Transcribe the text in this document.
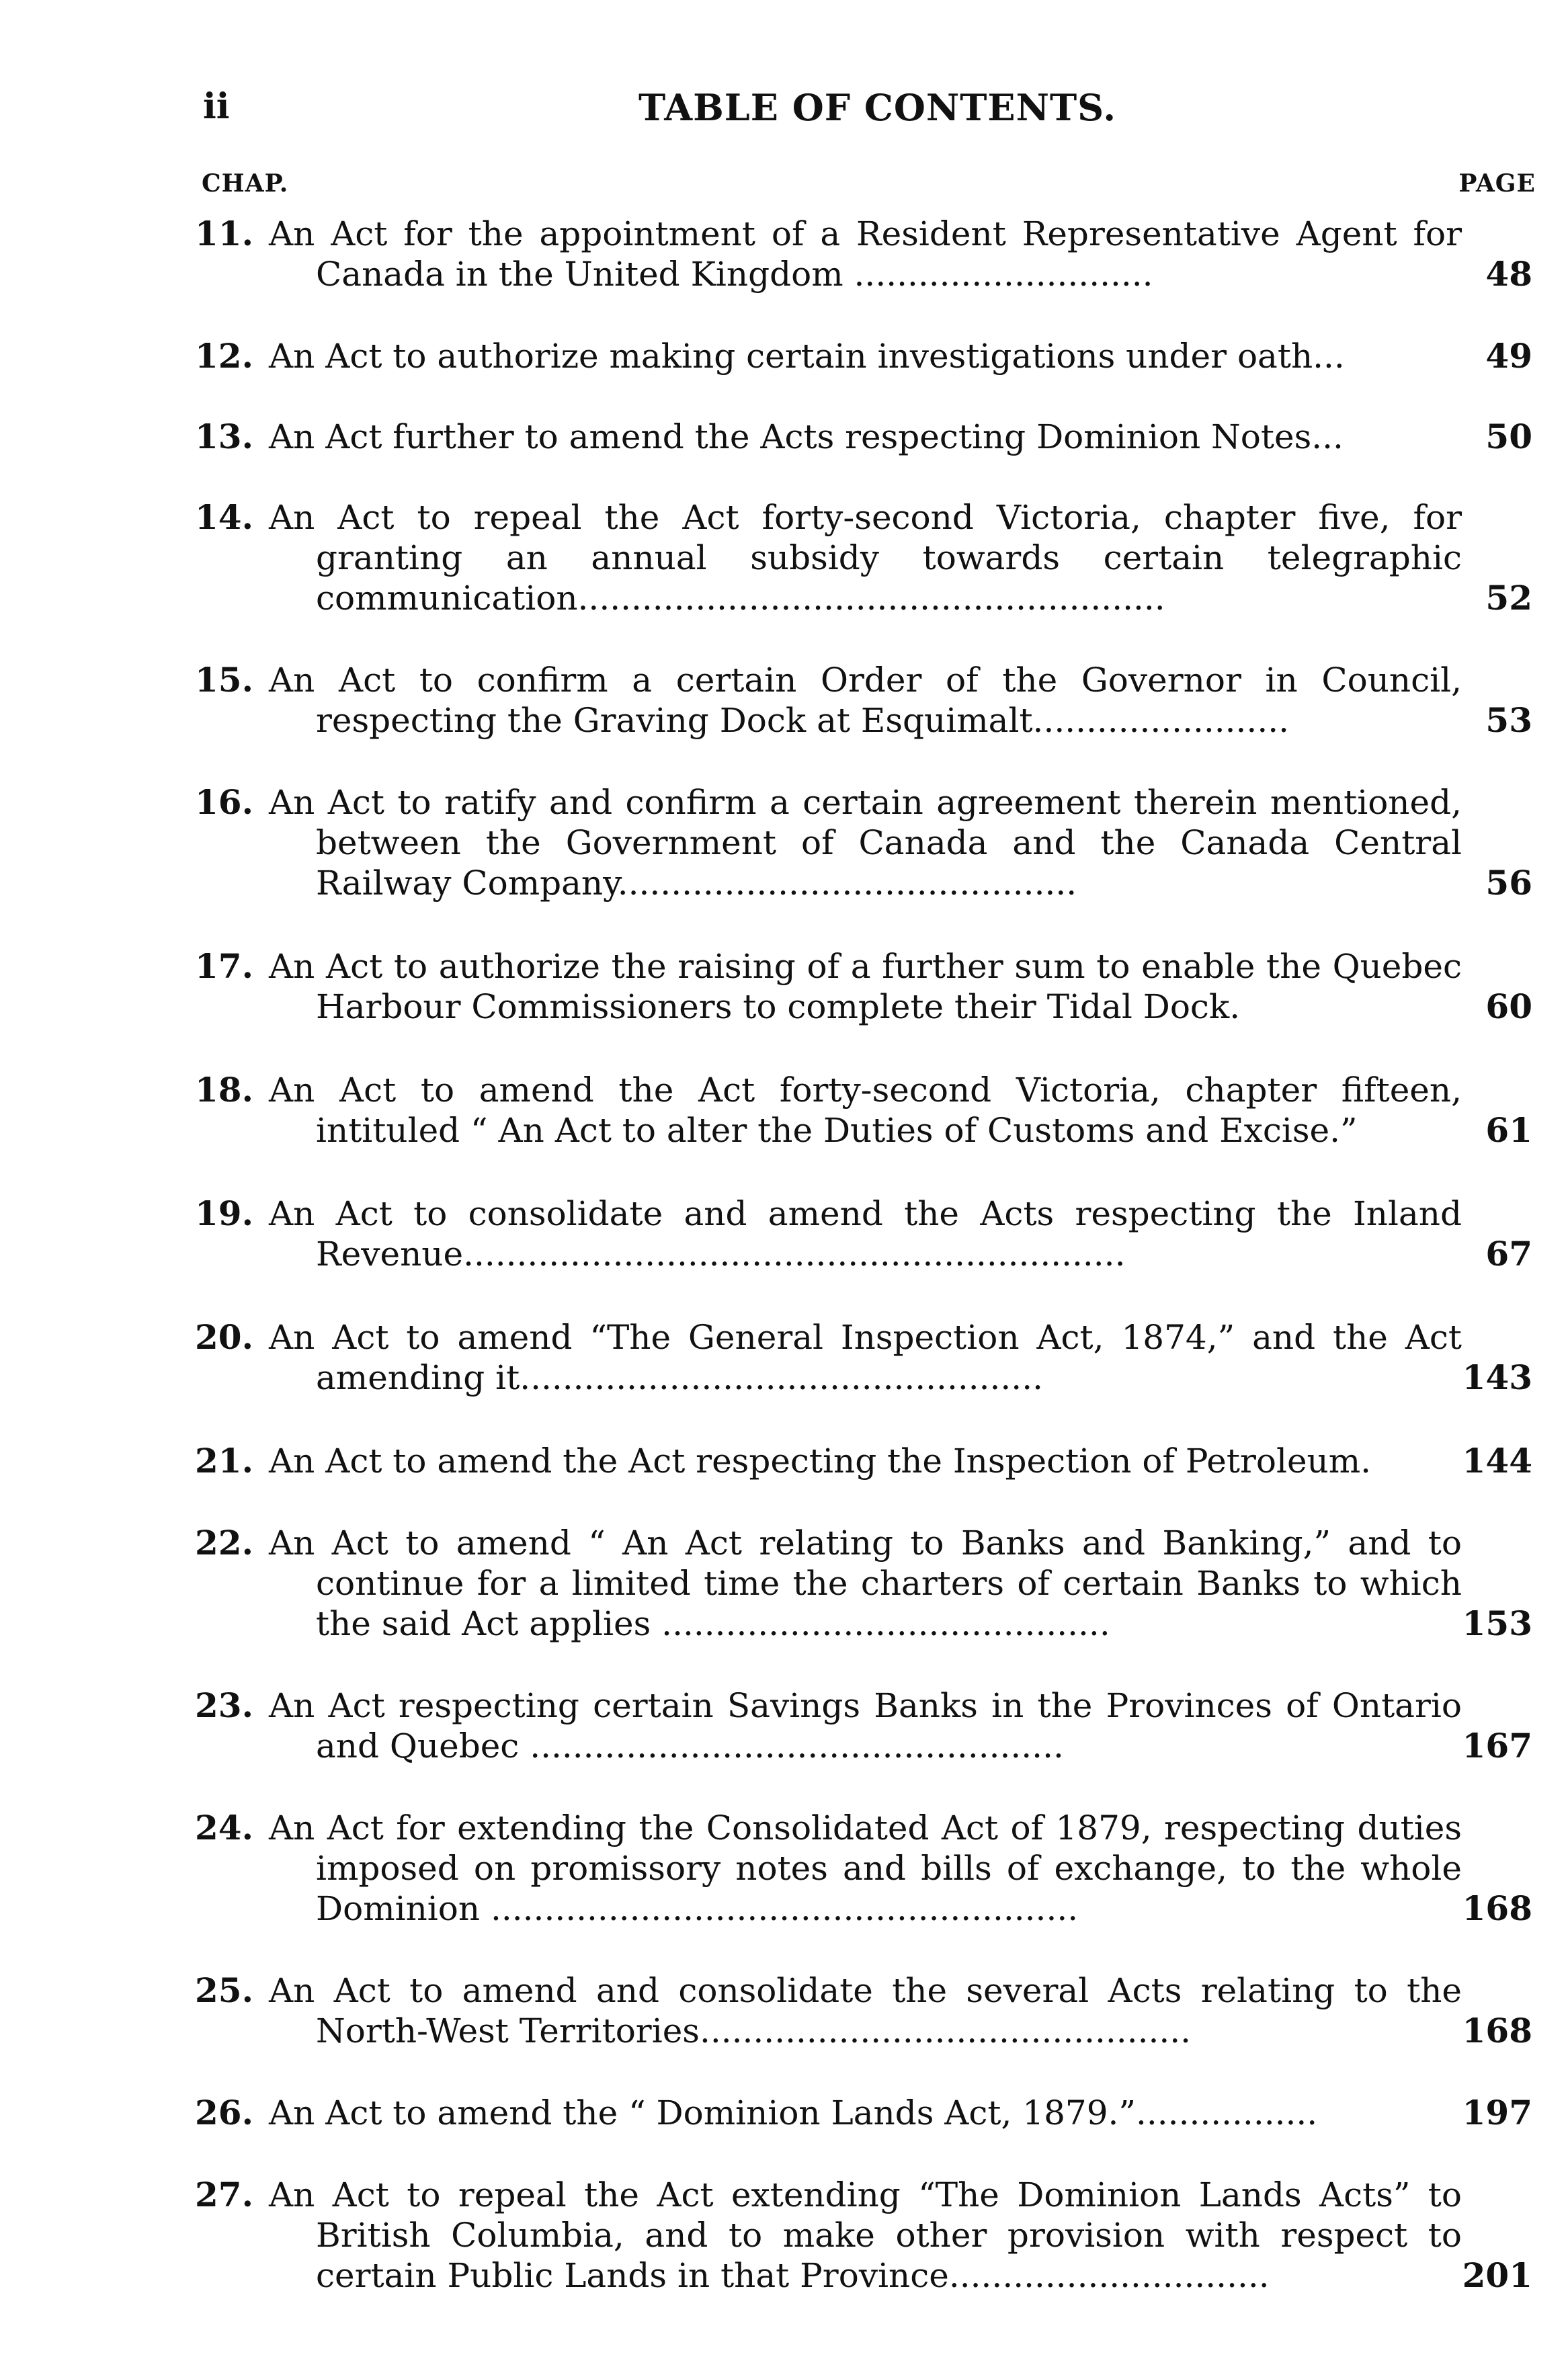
ii	TABLE OF CONTENTS.
CHAP.	PAGE
11. An Act for the appointment of a Resident Representative Agent for Canada in the United Kingdom ............................	48
12. An Act to authorize making certain investigations under oath...	49
13. An Act further to amend the Acts respecting Dominion Notes...	50
14. An Act to repeal the Act forty-second Victoria, chapter five, for granting an annual subsidy towards certain telegraphic communication.......................................................	52
15. An Act to confirm a certain Order of the Governor in Council, respecting the Graving Dock at Esquimalt........................	53
16. An Act to ratify and confirm a certain agreement therein mentioned, between the Government of Canada and the Canada Central Railway Company...........................................	56
17. An Act to authorize the raising of a further sum to enable the Quebec Harbour Commissioners to complete their Tidal Dock.	60
18. An Act to amend the Act forty-second Victoria, chapter fifteen, intituled “ An Act to alter the Duties of Customs and Excise.”	61
19. An Act to consolidate and amend the Acts respecting the Inland Revenue..............................................................	67
20. An Act to amend “The General Inspection Act, 1874,” and the Act amending it.................................................	143
21. An Act to amend the Act respecting the Inspection of Petroleum.	144
22. An Act to amend “ An Act relating to Banks and Banking,” and to continue for a limited time the charters of certain Banks to which the said Act applies ..........................................	153
23. An Act respecting certain Savings Banks in the Provinces of Ontario and Quebec ..................................................	167
24. An Act for extending the Consolidated Act of 1879, respecting duties imposed on promissory notes and bills of exchange, to the whole Dominion .......................................................	168
25. An Act to amend and consolidate the several Acts relating to the North-West Territories..............................................	168
26. An Act to amend the “ Dominion Lands Act, 1879.”.................	197
27. An Act to repeal the Act extending “The Dominion Lands Acts” to British Columbia, and to make other provision with respect to certain Public Lands in that Province..............................	201
